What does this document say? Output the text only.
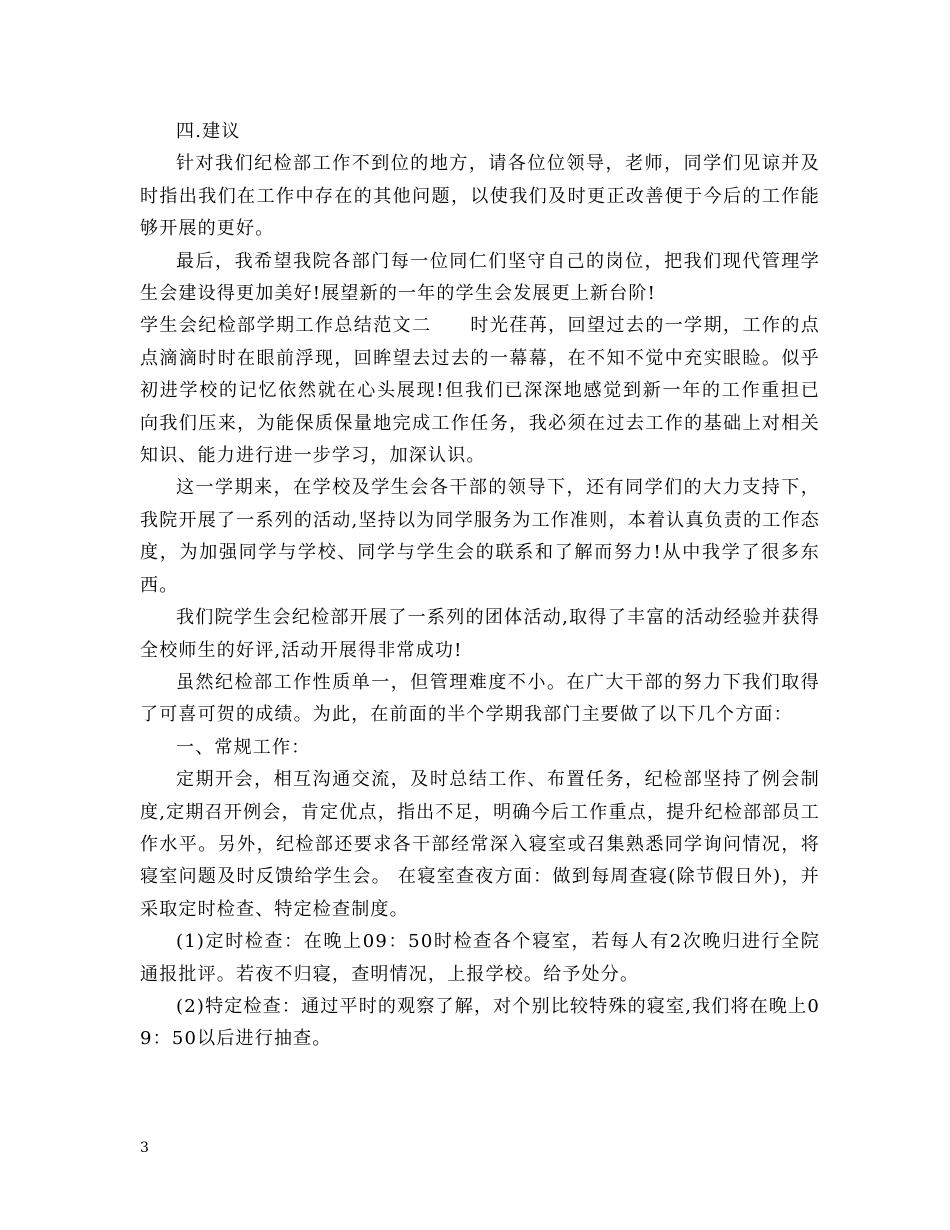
四.建议

针对我们纪检部工作不到位的地方，请各位位领导，老师，同学们见谅并及时指出我们在工作中存在的其他问题，以使我们及时更正改善便于今后的工作能够开展的更好。

最后，我希望我院各部门每一位同仁们坚守自己的岗位，把我们现代管理学生会建设得更加美好!展望新的一年的学生会发展更上新台阶!

学生会纪检部学期工作总结范文二　　时光荏苒，回望过去的一学期，工作的点点滴滴时时在眼前浮现，回眸望去过去的一幕幕，在不知不觉中充实眼睑。似乎初进学校的记忆依然就在心头展现!但我们已深深地感觉到新一年的工作重担已向我们压来，为能保质保量地完成工作任务，我必须在过去工作的基础上对相关知识、能力进行进一步学习，加深认识。

这一学期来，在学校及学生会各干部的领导下，还有同学们的大力支持下，我院开展了一系列的活动,坚持以为同学服务为工作准则，本着认真负责的工作态度，为加强同学与学校、同学与学生会的联系和了解而努力!从中我学了很多东西。

我们院学生会纪检部开展了一系列的团体活动,取得了丰富的活动经验并获得全校师生的好评,活动开展得非常成功!

虽然纪检部工作性质单一，但管理难度不小。在广大干部的努力下我们取得了可喜可贺的成绩。为此，在前面的半个学期我部门主要做了以下几个方面：

一、常规工作：

定期开会，相互沟通交流，及时总结工作、布置任务，纪检部坚持了例会制度,定期召开例会，肯定优点，指出不足，明确今后工作重点，提升纪检部部员工作水平。另外，纪检部还要求各干部经常深入寝室或召集熟悉同学询问情况，将寝室问题及时反馈给学生会。 在寝室查夜方面：做到每周查寝(除节假日外)，并采取定时检查、特定检查制度。

(1)定时检查：在晚上09：50时检查各个寝室，若每人有2次晚归进行全院通报批评。若夜不归寝，查明情况，上报学校。给予处分。

(2)特定检查：通过平时的观察了解，对个别比较特殊的寝室,我们将在晚上09：50以后进行抽查。

3
